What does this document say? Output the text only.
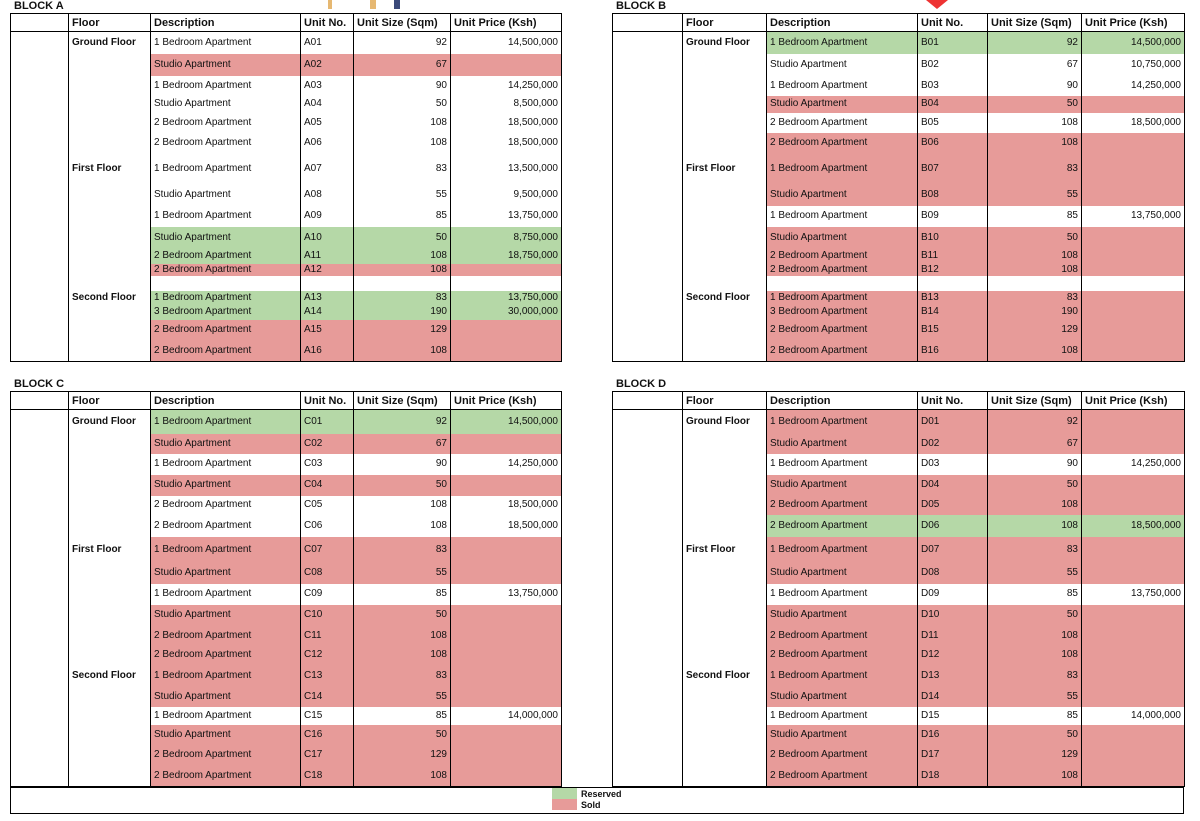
BLOCK A
	Floor	Description	Unit No.	Unit Size (Sqm)	Unit Price (Ksh)
	Ground Floor	1 Bedroom Apartment	A01	92	14,500,000
		Studio Apartment	A02	67	
		1 Bedroom Apartment	A03	90	14,250,000
		Studio Apartment	A04	50	8,500,000
		2 Bedroom Apartment	A05	108	18,500,000
		2 Bedroom Apartment	A06	108	18,500,000
	First Floor	1 Bedroom Apartment	A07	83	13,500,000
		Studio Apartment	A08	55	9,500,000
		1 Bedroom Apartment	A09	85	13,750,000
		Studio Apartment	A10	50	8,750,000
		2 Bedroom Apartment	A11	108	18,750,000
		2 Bedroom Apartment	A12	108	

	Second Floor	1 Bedroom Apartment	A13	83	13,750,000
		3 Bedroom Apartment	A14	190	30,000,000
		2 Bedroom Apartment	A15	129	
		2 Bedroom Apartment	A16	108	
BLOCK B
	Floor	Description	Unit No.	Unit Size (Sqm)	Unit Price (Ksh)
	Ground Floor	1 Bedroom Apartment	B01	92	14,500,000
		Studio Apartment	B02	67	10,750,000
		1 Bedroom Apartment	B03	90	14,250,000
		Studio Apartment	B04	50	
		2 Bedroom Apartment	B05	108	18,500,000
		2 Bedroom Apartment	B06	108	
	First Floor	1 Bedroom Apartment	B07	83	
		Studio Apartment	B08	55	
		1 Bedroom Apartment	B09	85	13,750,000
		Studio Apartment	B10	50	
		2 Bedroom Apartment	B11	108	
		2 Bedroom Apartment	B12	108	

	Second Floor	1 Bedroom Apartment	B13	83	
		3 Bedroom Apartment	B14	190	
		2 Bedroom Apartment	B15	129	
		2 Bedroom Apartment	B16	108	
BLOCK C
	Floor	Description	Unit No.	Unit Size (Sqm)	Unit Price (Ksh)
	Ground Floor	1 Bedroom Apartment	C01	92	14,500,000
		Studio Apartment	C02	67	
		1 Bedroom Apartment	C03	90	14,250,000
		Studio Apartment	C04	50	
		2 Bedroom Apartment	C05	108	18,500,000
		2 Bedroom Apartment	C06	108	18,500,000
	First Floor	1 Bedroom Apartment	C07	83	
		Studio Apartment	C08	55	
		1 Bedroom Apartment	C09	85	13,750,000
		Studio Apartment	C10	50	
		2 Bedroom Apartment	C11	108	
		2 Bedroom Apartment	C12	108	
	Second Floor	1 Bedroom Apartment	C13	83	
		Studio Apartment	C14	55	
		1 Bedroom Apartment	C15	85	14,000,000
		Studio Apartment	C16	50	
		2 Bedroom Apartment	C17	129	
		2 Bedroom Apartment	C18	108	
BLOCK D
	Floor	Description	Unit No.	Unit Size (Sqm)	Unit Price (Ksh)
	Ground Floor	1 Bedroom Apartment	D01	92	
		Studio Apartment	D02	67	
		1 Bedroom Apartment	D03	90	14,250,000
		Studio Apartment	D04	50	
		2 Bedroom Apartment	D05	108	
		2 Bedroom Apartment	D06	108	18,500,000
	First Floor	1 Bedroom Apartment	D07	83	
		Studio Apartment	D08	55	
		1 Bedroom Apartment	D09	85	13,750,000
		Studio Apartment	D10	50	
		2 Bedroom Apartment	D11	108	
		2 Bedroom Apartment	D12	108	
	Second Floor	1 Bedroom Apartment	D13	83	
		Studio Apartment	D14	55	
		1 Bedroom Apartment	D15	85	14,000,000
		Studio Apartment	D16	50	
		2 Bedroom Apartment	D17	129	
		2 Bedroom Apartment	D18	108	
Reserved
Sold
